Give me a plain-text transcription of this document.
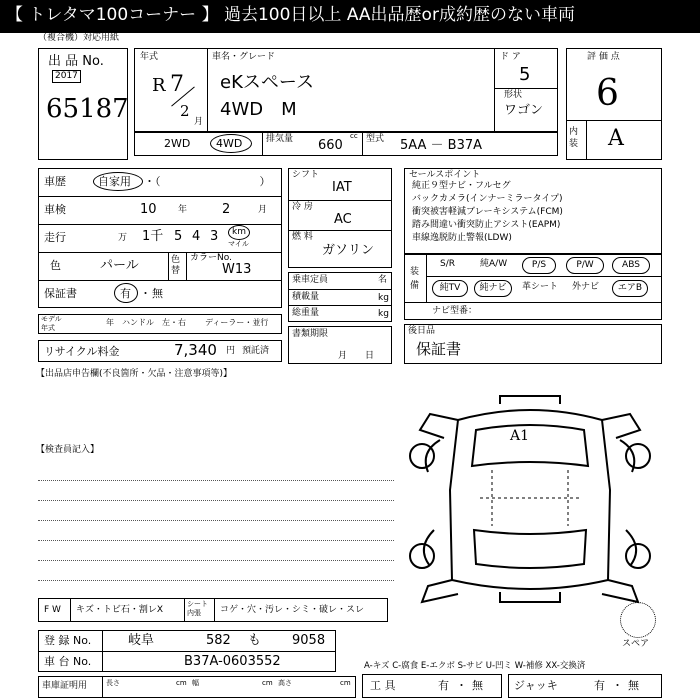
【 トレタマ100コーナー 】 過去100日以上 AA出品歴or成約歴のない車両
（複合機）対応用紙
出 品 No.
2017
65187
年式
R 7
2
月
車名・グレード
eKスペース
4WD　M
ド ア
5
形状
ワゴン
評 価 点
6
内 装 A
2WD 4WD	排気量 660
cc 型式 5AA － B37A
車歴	自家用 ・（　　　　　　　　　）
車検	10 年	2	月
走行	万 1千 5 4 3 km
マイル
色	パール	色替
カラーNo.
W13
保証書	有 ・ 無
モデル年式
年 ハンドル　左・右 ディーラー・並行
リサイクル料金	7,340 円 預託済
シフト
IAT
冷 房
AC
燃 料
ガソリン
乗車定員	名
積載量	kg
総重量	kg
書類期限
月　　日
セールスポイント
純正９型ナビ・フルセグ
バックカメラ(インナーミラータイプ)
衝突被害軽減ブレーキシステム(FCM)
踏み間違い衝突防止アシスト(EAPM)
車線逸脱防止警報(LDW)
装備
S/R	純A/W	P/S	P/W	ABS
純TV	純ナビ	革シート 外ナビ	エアB
ナビ型番：
後日品
保証書
【出品店申告欄(不良箇所・欠品・注意事項等)】
【検査員記入】
A1
スペア
F W キズ・トビ石・割レX
シート 内張	コゲ・穴・汚レ・シミ・破レ・スレ
登 録 No.	岐阜	582 も 9058
車 台 No.	B37A-0603552	A-キズ C-腐食 E-エクボ S-サビ U-凹ミ W-補修 XX-交換済
車庫証明用	長さ	cm 幅	cm 高さ	cm 工 具	有 ・ 無	ジャッキ	有 ・ 無
